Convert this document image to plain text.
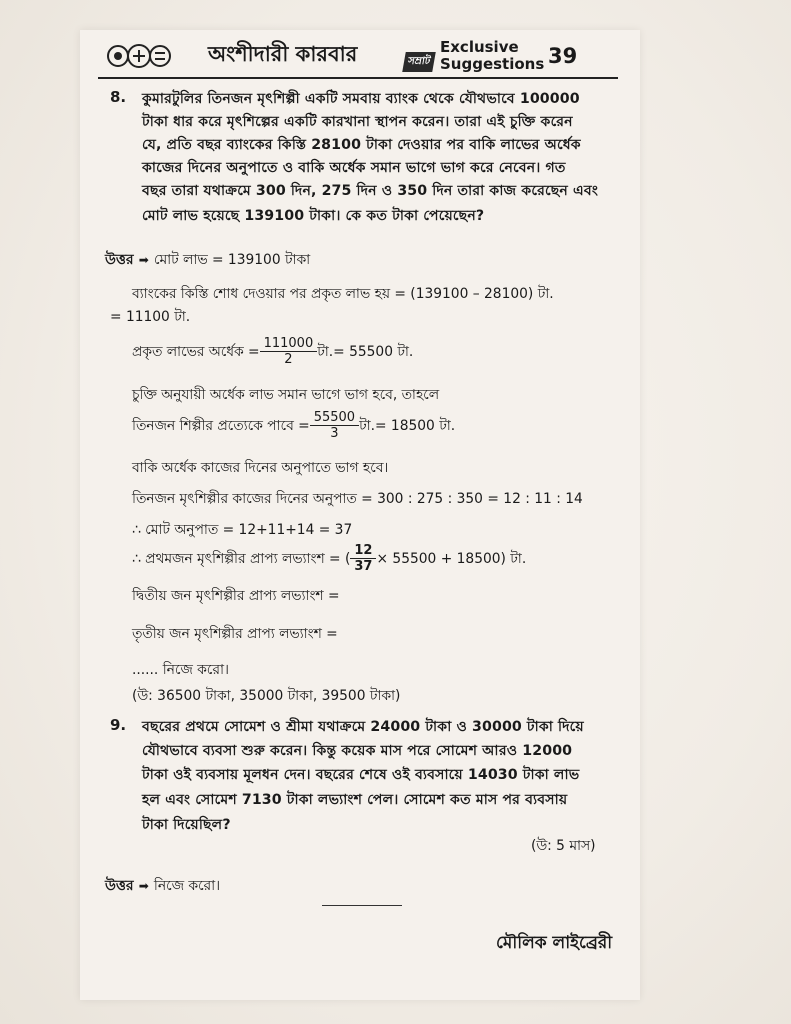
অংশীদারী কারবার	সম্রাট
Exclusive
Suggestions 39
8. কুমারটুলির তিনজন মৃৎশিল্পী একটি সমবায় ব্যাংক থেকে যৌথভাবে 100000
টাকা ধার করে মৃৎশিল্পের একটি কারখানা স্থাপন করেন। তারা এই চুক্তি করেন
যে, প্রতি বছর ব্যাংকের কিস্তি 28100 টাকা দেওয়ার পর বাকি লাভের অর্ধেক
কাজের দিনের অনুপাতে ও বাকি অর্ধেক সমান ভাগে ভাগ করে নেবেন। গত
বছর তারা যথাক্রমে 300 দিন, 275 দিন ও 350 দিন তারা কাজ করেছেন এবং
মোট লাভ হয়েছে 139100 টাকা। কে কত টাকা পেয়েছেন?
উত্তর ➡ মোট লাভ = 139100 টাকা
ব্যাংকের কিস্তি শোধ দেওয়ার পর প্রকৃত লাভ হয় = (139100 – 28100) টা.
= 11100 টা.
প্রকৃত লাভের অর্ধেক = $\frac{111000}{2}$ টা.= 55500 টা.
চুক্তি অনুযায়ী অর্ধেক লাভ সমান ভাগে ভাগ হবে, তাহলে
তিনজন শিল্পীর প্রত্যেকে পাবে = $\frac{55500}{3}$ টা.= 18500 টা.
বাকি অর্ধেক কাজের দিনের অনুপাতে ভাগ হবে।
তিনজন মৃৎশিল্পীর কাজের দিনের অনুপাত = 300 : 275 : 350 = 12 : 11 : 14
∴ মোট অনুপাত = 12+11+14 = 37
∴ প্রথমজন মৃৎশিল্পীর প্রাপ্য লভ্যাংশ = ( $\frac{12}{37} \times 55500 + 18500$) টা.
দ্বিতীয় জন মৃৎশিল্পীর প্রাপ্য লভ্যাংশ =
তৃতীয় জন মৃৎশিল্পীর প্রাপ্য লভ্যাংশ =
...... নিজে করো।
(উ: 36500 টাকা, 35000 টাকা, 39500 টাকা)
9. বছরের প্রথমে সোমেশ ও শ্রীমা যথাক্রমে 24000 টাকা ও 30000 টাকা দিয়ে
যৌথভাবে ব্যবসা শুরু করেন। কিন্তু কয়েক মাস পরে সোমেশ আরও 12000
টাকা ওই ব্যবসায় মূলধন দেন। বছরের শেষে ওই ব্যবসায়ে 14030 টাকা লাভ
হল এবং সোমেশ 7130 টাকা লভ্যাংশ পেল। সোমেশ কত মাস পর ব্যবসায়
টাকা দিয়েছিল?
(উ: 5 মাস)
উত্তর ➡ নিজে করো।
মৌলিক লাইব্রেরী
